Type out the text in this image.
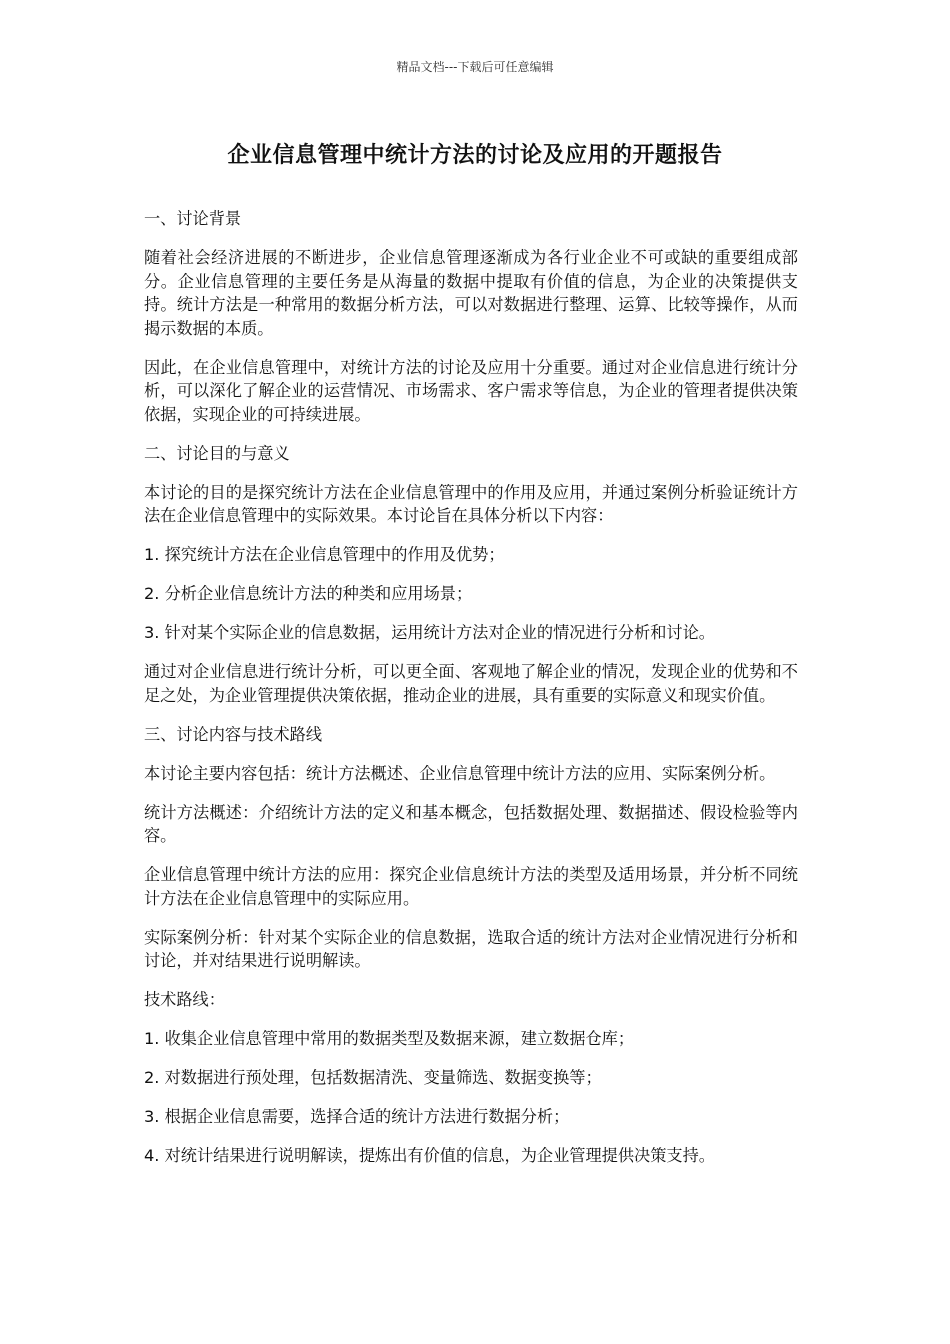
精品文档---下载后可任意编辑
企业信息管理中统计方法的讨论及应用的开题报告

一、讨论背景

随着社会经济进展的不断进步，企业信息管理逐渐成为各行业企业不可或缺的重要组成部分。企业信息管理的主要任务是从海量的数据中提取有价值的信息，为企业的决策提供支持。统计方法是一种常用的数据分析方法，可以对数据进行整理、运算、比较等操作，从而揭示数据的本质。

因此，在企业信息管理中，对统计方法的讨论及应用十分重要。通过对企业信息进行统计分析，可以深化了解企业的运营情况、市场需求、客户需求等信息，为企业的管理者提供决策依据，实现企业的可持续进展。

二、讨论目的与意义

本讨论的目的是探究统计方法在企业信息管理中的作用及应用，并通过案例分析验证统计方法在企业信息管理中的实际效果。本讨论旨在具体分析以下内容：

1. 探究统计方法在企业信息管理中的作用及优势；

2. 分析企业信息统计方法的种类和应用场景；

3. 针对某个实际企业的信息数据，运用统计方法对企业的情况进行分析和讨论。

通过对企业信息进行统计分析，可以更全面、客观地了解企业的情况，发现企业的优势和不足之处，为企业管理提供决策依据，推动企业的进展，具有重要的实际意义和现实价值。

三、讨论内容与技术路线

本讨论主要内容包括：统计方法概述、企业信息管理中统计方法的应用、实际案例分析。

统计方法概述：介绍统计方法的定义和基本概念，包括数据处理、数据描述、假设检验等内容。

企业信息管理中统计方法的应用：探究企业信息统计方法的类型及适用场景，并分析不同统计方法在企业信息管理中的实际应用。

实际案例分析：针对某个实际企业的信息数据，选取合适的统计方法对企业情况进行分析和讨论，并对结果进行说明解读。

技术路线：

1. 收集企业信息管理中常用的数据类型及数据来源，建立数据仓库；

2. 对数据进行预处理，包括数据清洗、变量筛选、数据变换等；

3. 根据企业信息需要，选择合适的统计方法进行数据分析；

4. 对统计结果进行说明解读，提炼出有价值的信息，为企业管理提供决策支持。
